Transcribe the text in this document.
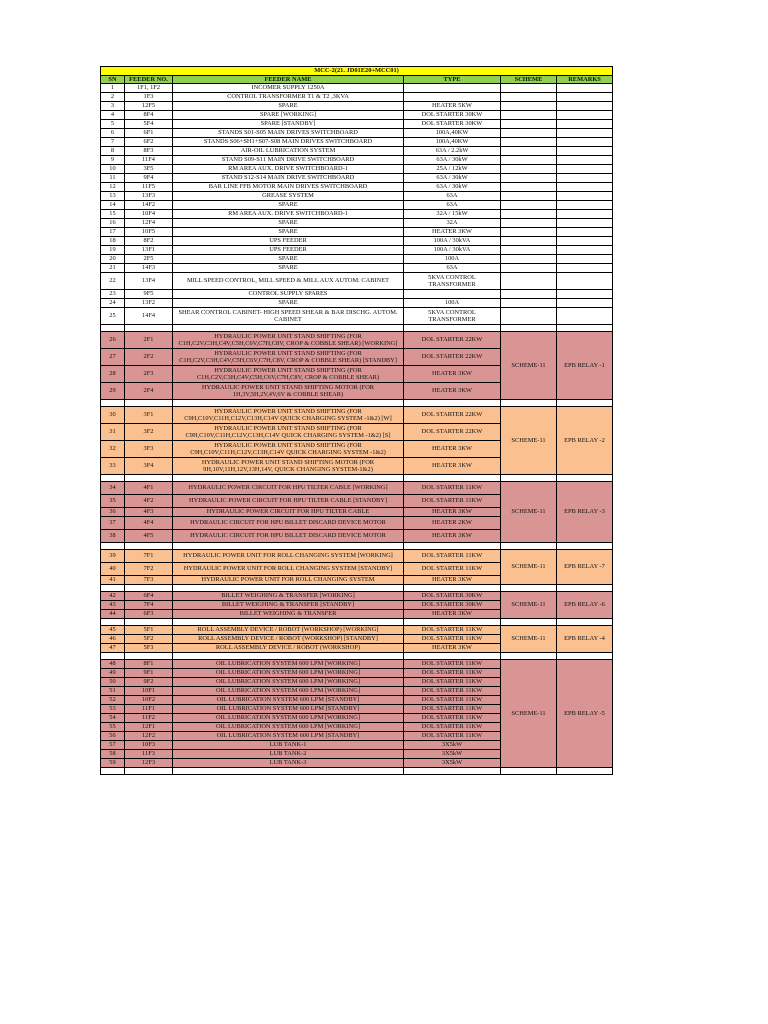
MCC-2(21. JD01E20+MCC01)					
SN	FEEDER NO.	FEEDER NAME	TYPE	SCHEME	REMARKS
1	1F1, 1F2	INCOMER SUPPLY 1250A			
2	1F3	CONTROL TRANSFORMER T1 & T2 ,3KVA			
3	12F5	SPARE	HEATER 5KW		
4	8F4	SPARE [WORKING]	DOL STARTER 30KW		
5	5F4	SPARE [STANDBY]	DOL STARTER 30KW		
6	6F1	STANDS S01-S05 MAIN DRIVES SWITCHBOARD	100A,40KW		
7	6F2	STANDS S06+SH1+S07-S08 MAIN DRIVES SWITCHBOARD	100A,40KW		
8	8F3	AIR-OIL LUBRICATION SYSTEM	63A / 2.2kW		
9	11F4	STAND S09-S11 MAIN DRIVE SWITCHBOARD	63A / 30kW		
10	3F5	RM AREA AUX. DRIVE SWITCHBOARD-1	25A / 12kW		
11	9F4	STAND S12-S14 MAIN DRIVE SWITCHBOARD	63A / 30kW		
12	11F5	BAR LINE FFB MOTOR MAIN DRIVES SWITCHBOARD	63A / 30kW		
13	13F3	GREASE SYSTEM	63A		
14	14F2	SPARE	63A		
15	10F4	RM AREA AUX. DRIVE SWITCHBOARD-1	32A / 15kW		
16	12F4	SPARE	32A		
17	10F5	SPARE	HEATER 3KW		
18	8F2	UPS FEEDER	100A / 30kVA		
19	13F1	UPS FEEDER	100A / 30kVA		
20	2F5	SPARE	100A		
21	14F3	SPARE	63A		
22	13F4	MILL SPEED CONTROL, MILL SPEED & MILL AUX AUTOM. CABINET	5KVA CONTROL TRANSFORMER		
23	9F5	CONTROL SUPPLY SPARES			
24	13F2	SPARE	100A		
25	14F4	SHEAR CONTROL CABINET- HIGH SPEED SHEAR & BAR DISCHG. AUTOM. CABINET	5KVA CONTROL TRANSFORMER		

26	2F1	HYDRAULIC POWER UNIT STAND SHIFTING (FOR C1H,C2V,C3H,C4V,C5H,C6V,C7H,C8V, CROP & COBBLE SHEAR) [WORKING]	DOL STARTER 22KW	SCHEME-11	EPB RELAY -1
27	2F2	HYDRAULIC POWER UNIT STAND SHIFTING (FOR C1H,C2V,C3H,C4V,C5H,C6V,C7H,C8V, CROP & COBBLE SHEAR) [STANDBY]	DOL STARTER 22KW		
28	2F3	HYDRAULIC POWER UNIT STAND SHIFTING (FOR C1H,C2V,C3H,C4V,C5H,C6V,C7H,C8V, CROP & COBBLE SHEAR)	HEATER 3KW		
29	2F4	HYDRAULIC POWER UNIT STAND SHIFTING MOTOR (FOR 1H,3V,5H,2V,4V,6V & COBBLE SHEAR)	HEATER 3KW		

30	3F1	HYDRAULIC POWER UNIT STAND SHIFTING (FOR C9H,C10V,C11H,C12V,C13H,C14V QUICK CHARGING SYSTEM -1&2) [W]	DOL STARTER 22KW	SCHEME-11	EPB RELAY -2
31	3F2	HYDRAULIC POWER UNIT STAND SHIFTING (FOR C9H,C10V,C11H,C12V,C13H,C14V QUICK CHARGING SYSTEM -1&2) [S]	DOL STARTER 22KW		
32	3F3	HYDRAULIC POWER UNIT STAND SHIFTING (FOR C9H,C10V,C11H,C12V,C13H,C14V QUICK CHARGING SYSTEM -1&2)	HEATER 3KW		
33	3F4	HYDRAULIC POWER UNIT STAND SHIFTING MOTOR (FOR 9H,10V,11H,12V,13H,14V, QUICK CHANGING SYSTEM-1&2)	HEATER 3KW		

34	4F1	HYDRAULIC POWER CIRCUIT FOR HPU TILTER CABLE [WORKING]	DOL STARTER 11KW	SCHEME-11	EPB RELAY -3
35	4F2	HYDRAULIC POWER CIRCUIT FOR HPU TILTER CABLE [STANDBY]	DOL STARTER 11KW		
36	4F3	HYDRAULIC POWER CIRCUIT FOR HPU TILTER CABLE	HEATER 3KW		
37	4F4	HYDRAULIC CIRCUIT FOR HPU BILLET DISCARD DEVICE MOTOR	HEATER 2KW		
38	4F5	HYDRAULIC CIRCUIT FOR HPU BILLET DISCARD DEVICE MOTOR	HEATER 3KW		

39	7F1	HYDRAULIC POWER UNIT FOR ROLL CHANGING SYSTEM [WORKING]	DOL STARTER 11KW	SCHEME-11	EPB RELAY -7
40	7F2	HYDRAULIC POWER UNIT FOR ROLL CHANGING SYSTEM [STANDBY]	DOL STARTER 11KW		
41	7F3	HYDRAULIC POWER UNIT FOR ROLL CHANGING SYSTEM	HEATER 3KW		

42	6F4	BILLET WEIGHING & TRANSFER [WORKING]	DOL STARTER 30KW	SCHEME-11	EPB RELAY -6
43	7F4	BILLET WEIGHING & TRANSFER [STANDBY]	DOL STARTER 30KW		
44	6F3	BILLET WEIGHING & TRANSFER	HEATER 3KW		

45	5F1	ROLL ASSEMBLY DEVICE / ROBOT (WORKSHOP) [WORKING]	DOL STARTER 11KW	SCHEME-11	EPB RELAY -4
46	5F2	ROLL ASSEMBLY DEVICE / ROBOT (WORKSHOP) [STANDBY]	DOL STARTER 11KW		
47	5F3	ROLL ASSEMBLY DEVICE / ROBOT (WORKSHOP)	HEATER 3KW		

48	8F1	OIL LUBRICATION SYSTEM 600 LPM [WORKING]	DOL STARTER 11KW	SCHEME-11	EPB RELAY -5
49	9F1	OIL LUBRICATION SYSTEM 600 LPM [WORKING]	DOL STARTER 11KW		
50	9F2	OIL LUBRICATION SYSTEM 600 LPM [WORKING]	DOL STARTER 11KW		
51	10F1	OIL LUBRICATION SYSTEM 600 LPM [WORKING]	DOL STARTER 11KW		
52	10F2	OIL LUBRICATION SYSTEM 600 LPM [STANDBY]	DOL STARTER 11KW		
53	11F1	OIL LUBRICATION SYSTEM 600 LPM [STANDBY]	DOL STARTER 11KW		
54	11F2	OIL LUBRICATION SYSTEM 600 LPM [WORKING]	DOL STARTER 11KW		
55	12F1	OIL LUBRICATION SYSTEM 600 LPM [WORKING]	DOL STARTER 11KW		
56	12F2	OIL LUBRICATION SYSTEM 600 LPM [STANDBY]	DOL STARTER 11KW		
57	10F3	LUB TANK-1	3X5kW		
58	11F3	LUB TANK-2	3X5kW		
59	12F3	LUB TANK-3	3X5kW		
